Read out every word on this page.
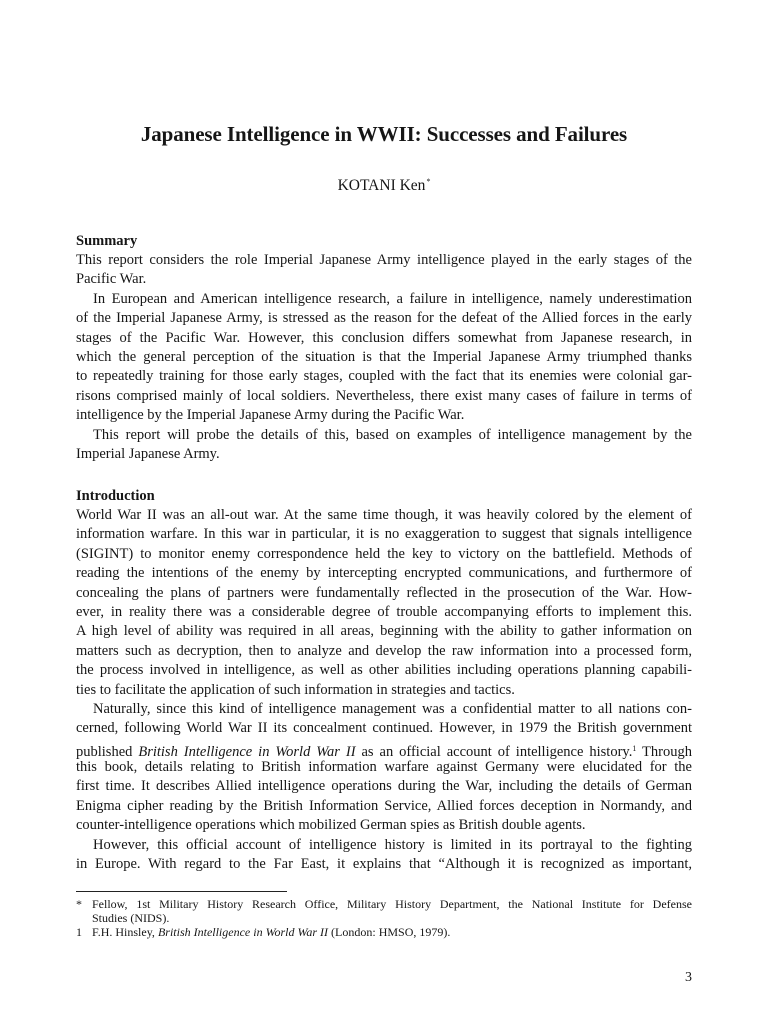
Japanese Intelligence in WWII: Successes and Failures
KOTANI Ken*
Summary
This report considers the role Imperial Japanese Army intelligence played in the early stages of the
Pacific War.
In European and American intelligence research, a failure in intelligence, namely underestimation
of the Imperial Japanese Army, is stressed as the reason for the defeat of the Allied forces in the early
stages of the Pacific War. However, this conclusion differs somewhat from Japanese research, in
which the general perception of the situation is that the Imperial Japanese Army triumphed thanks
to repeatedly training for those early stages, coupled with the fact that its enemies were colonial gar-
risons comprised mainly of local soldiers. Nevertheless, there exist many cases of failure in terms of
intelligence by the Imperial Japanese Army during the Pacific War.
This report will probe the details of this, based on examples of intelligence management by the
Imperial Japanese Army.
Introduction
World War II was an all-out war. At the same time though, it was heavily colored by the element of
information warfare. In this war in particular, it is no exaggeration to suggest that signals intelligence
(SIGINT) to monitor enemy correspondence held the key to victory on the battlefield. Methods of
reading the intentions of the enemy by intercepting encrypted communications, and furthermore of
concealing the plans of partners were fundamentally reflected in the prosecution of the War. How-
ever, in reality there was a considerable degree of trouble accompanying efforts to implement this.
A high level of ability was required in all areas, beginning with the ability to gather information on
matters such as decryption, then to analyze and develop the raw information into a processed form,
the process involved in intelligence, as well as other abilities including operations planning capabili-
ties to facilitate the application of such information in strategies and tactics.
Naturally, since this kind of intelligence management was a confidential matter to all nations con-
cerned, following World War II its concealment continued. However, in 1979 the British government
published British Intelligence in World War II as an official account of intelligence history.$^1$ Through
this book, details relating to British information warfare against Germany were elucidated for the
first time. It describes Allied intelligence operations during the War, including the details of German
Enigma cipher reading by the British Information Service, Allied forces deception in Normandy, and
counter-intelligence operations which mobilized German spies as British double agents.
However, this official account of intelligence history is limited in its portrayal to the fighting
in Europe. With regard to the Far East, it explains that “Although it is recognized as important,
* Fellow, 1st Military History Research Office, Military History Department, the National Institute for Defense
Studies (NIDS).
1 F.H. Hinsley, British Intelligence in World War II (London: HMSO, 1979).
3
